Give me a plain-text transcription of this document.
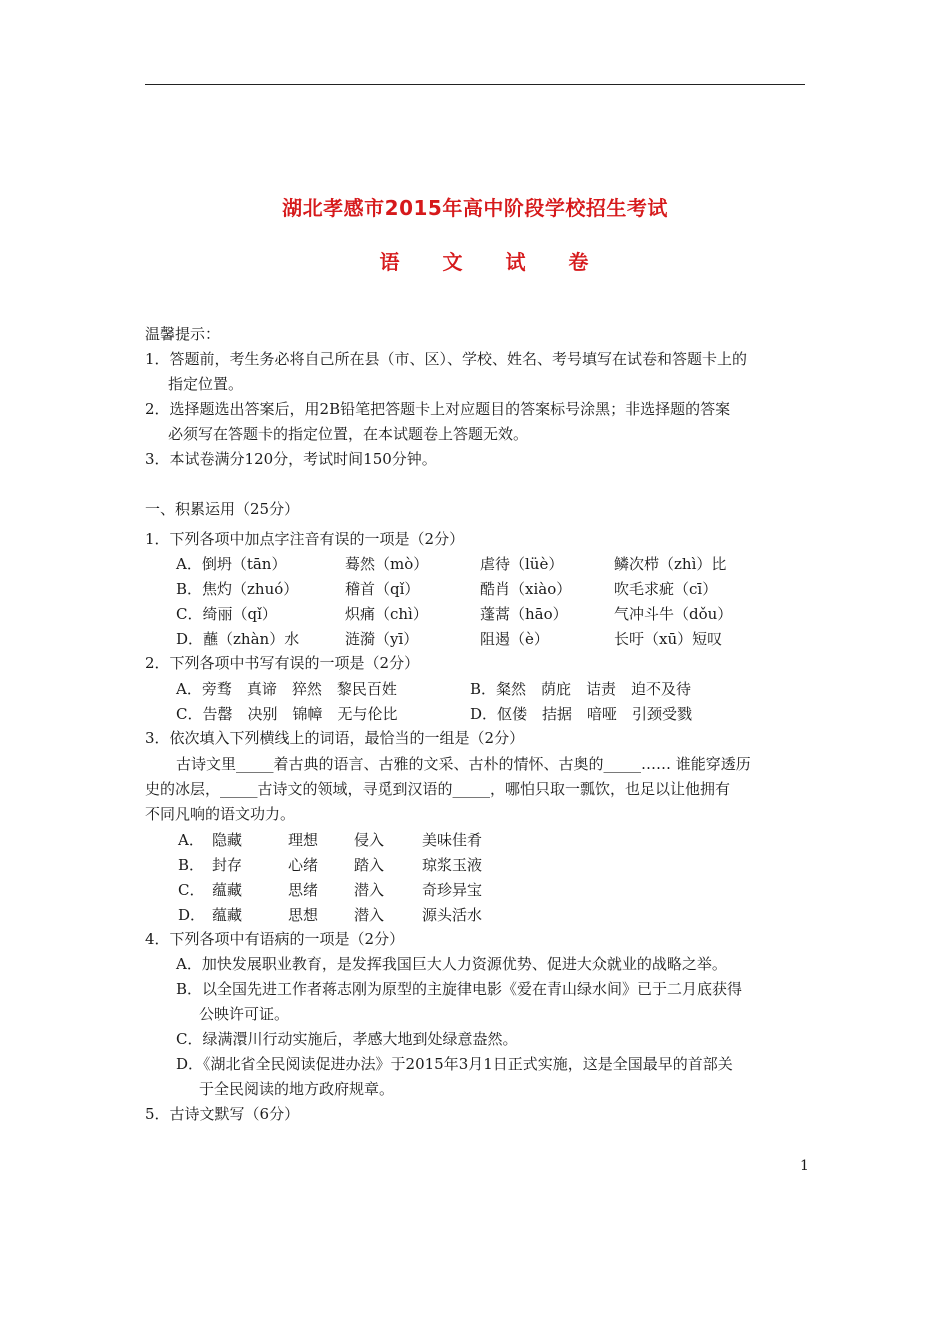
湖北孝感市2015年高中阶段学校招生考试
语 文 试 卷
温馨提示：
1．答题前，考生务必将自己所在县（市、区）、学校、姓名、考号填写在试卷和答题卡上的
指定位置。
2．选择题选出答案后，用2B铅笔把答题卡上对应题目的答案标号涂黑；非选择题的答案
必须写在答题卡的指定位置，在本试题卷上答题无效。
3．本试卷满分120分，考试时间150分钟。
一、积累运用（25分）
1．下列各项中加点字注音有误的一项是（2分）
A．倒坍（tān）	蓦然（mò）	虐待（lüè）	鳞次栉（zhì）比
B．焦灼（zhuó）	稽首（qǐ）	酷肖（xiào）	吹毛求疵（cī）
C．绮丽（qǐ）	炽痛（chì）	蓬蒿（hāo）	气冲斗牛（dǒu）
D．蘸（zhàn）水	涟漪（yī）	阻遏（è）	长吁（xū）短叹
2．下列各项中书写有误的一项是（2分）
A．旁骛　真谛　猝然　黎民百姓	B．粲然　荫庇　诘责　迫不及待
C．告罄　决别　锦幛　无与伦比	D．伛偻　拮据　喑哑　引颈受戮
3．依次填入下列横线上的词语，最恰当的一组是（2分）
古诗文里_____着古典的语言、古雅的文采、古朴的情怀、古奥的_____…… 谁能穿透历
史的冰层，_____古诗文的领域，寻觅到汉语的_____，哪怕只取一瓢饮，也足以让他拥有
不同凡响的语文功力。
A． 隐藏	理想 侵入	美味佳肴
B． 封存	心绪 踏入	琼浆玉液
C． 蕴藏	思绪 潜入	奇珍异宝
D． 蕴藏	思想 潜入	源头活水
4．下列各项中有语病的一项是（2分）
A．加快发展职业教育，是发挥我国巨大人力资源优势、促进大众就业的战略之举。
B．以全国先进工作者蒋志刚为原型的主旋律电影《爱在青山绿水间》已于二月底获得
公映许可证。
C．绿满澴川行动实施后，孝感大地到处绿意盎然。
D．《湖北省全民阅读促进办法》于2015年3月1日正式实施，这是全国最早的首部关
于全民阅读的地方政府规章。
5．古诗文默写（6分）
1
